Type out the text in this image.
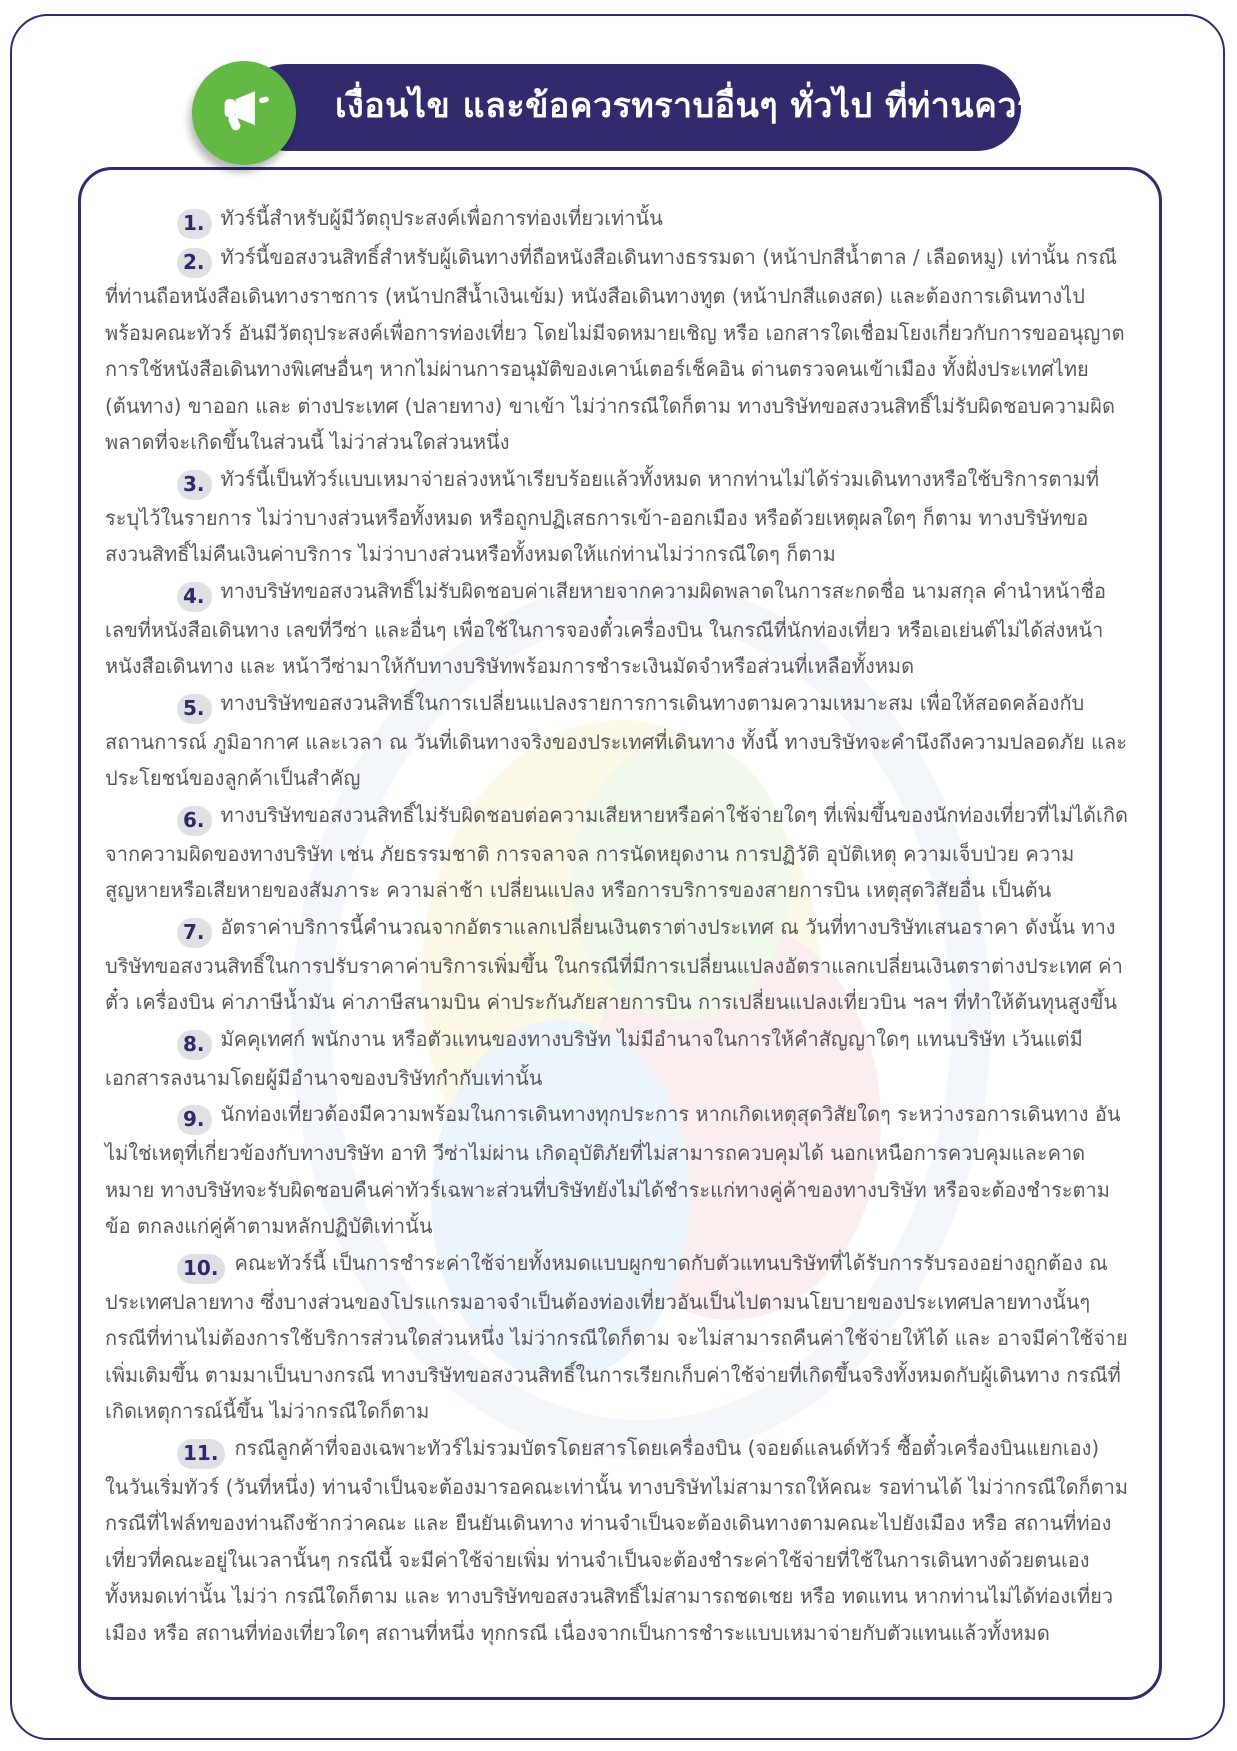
เงื่อนไข และข้อควรทราบอื่นๆ ทั่วไป ที่ท่านควรทราบ

1. ทัวร์นี้สำหรับผู้มีวัตถุประสงค์เพื่อการท่องเที่ยวเท่านั้น

2. ทัวร์นี้ขอสงวนสิทธิ์สำหรับผู้เดินทางที่ถือหนังสือเดินทางธรรมดา (หน้าปกสีน้ำตาล / เลือดหมู) เท่านั้น กรณีที่ท่านถือหนังสือเดินทางราชการ (หน้าปกสีน้ำเงินเข้ม) หนังสือเดินทางทูต (หน้าปกสีแดงสด) และต้องการเดินทางไปพร้อมคณะทัวร์ อันมีวัตถุประสงค์เพื่อการท่องเที่ยว โดยไม่มีจดหมายเชิญ หรือ เอกสารใดเชื่อมโยงเกี่ยวกับการขออนุญาตการใช้หนังสือเดินทางพิเศษอื่นๆ หากไม่ผ่านการอนุมัติของเคาน์เตอร์เช็คอิน ด่านตรวจคนเข้าเมือง ทั้งฝั่งประเทศไทย (ต้นทาง) ขาออก และ ต่างประเทศ (ปลายทาง) ขาเข้า ไม่ว่ากรณีใดก็ตาม ทางบริษัทขอสงวนสิทธิ์ไม่รับผิดชอบความผิดพลาดที่จะเกิดขึ้นในส่วนนี้ ไม่ว่าส่วนใดส่วนหนึ่ง

3. ทัวร์นี้เป็นทัวร์แบบเหมาจ่ายล่วงหน้าเรียบร้อยแล้วทั้งหมด หากท่านไม่ได้ร่วมเดินทางหรือใช้บริการตามที่ระบุไว้ในรายการ ไม่ว่าบางส่วนหรือทั้งหมด หรือถูกปฏิเสธการเข้า-ออกเมือง หรือด้วยเหตุผลใดๆ ก็ตาม ทางบริษัทขอสงวนสิทธิ์ไม่คืนเงินค่าบริการ ไม่ว่าบางส่วนหรือทั้งหมดให้แก่ท่านไม่ว่ากรณีใดๆ ก็ตาม

4. ทางบริษัทขอสงวนสิทธิ์ไม่รับผิดชอบค่าเสียหายจากความผิดพลาดในการสะกดชื่อ นามสกุล คำนำหน้าชื่อ เลขที่หนังสือเดินทาง เลขที่วีซ่า และอื่นๆ เพื่อใช้ในการจองตั๋วเครื่องบิน ในกรณีที่นักท่องเที่ยว หรือเอเย่นต์ไม่ได้ส่งหน้าหนังสือเดินทาง และ หน้าวีซ่ามาให้กับทางบริษัทพร้อมการชำระเงินมัดจำหรือส่วนที่เหลือทั้งหมด

5. ทางบริษัทขอสงวนสิทธิ์ในการเปลี่ยนแปลงรายการการเดินทางตามความเหมาะสม เพื่อให้สอดคล้องกับ สถานการณ์ ภูมิอากาศ และเวลา ณ วันที่เดินทางจริงของประเทศที่เดินทาง ทั้งนี้ ทางบริษัทจะคำนึงถึงความปลอดภัย และ ประโยชน์ของลูกค้าเป็นสำคัญ

6. ทางบริษัทขอสงวนสิทธิ์ไม่รับผิดชอบต่อความเสียหายหรือค่าใช้จ่ายใดๆ ที่เพิ่มขึ้นของนักท่องเที่ยวที่ไม่ได้เกิดจากความผิดของทางบริษัท เช่น ภัยธรรมชาติ การจลาจล การนัดหยุดงาน การปฏิวัติ อุบัติเหตุ ความเจ็บป่วย ความสูญหายหรือเสียหายของสัมภาระ ความล่าช้า เปลี่ยนแปลง หรือการบริการของสายการบิน เหตุสุดวิสัยอื่น เป็นต้น

7. อัตราค่าบริการนี้คำนวณจากอัตราแลกเปลี่ยนเงินตราต่างประเทศ ณ วันที่ทางบริษัทเสนอราคา ดังนั้น ทางบริษัทขอสงวนสิทธิ์ในการปรับราคาค่าบริการเพิ่มขึ้น ในกรณีที่มีการเปลี่ยนแปลงอัตราแลกเปลี่ยนเงินตราต่างประเทศ ค่าตั๋ว เครื่องบิน ค่าภาษีน้ำมัน ค่าภาษีสนามบิน ค่าประกันภัยสายการบิน การเปลี่ยนแปลงเที่ยวบิน ฯลฯ ที่ทำให้ต้นทุนสูงขึ้น

8. มัคคุเทศก์ พนักงาน หรือตัวแทนของทางบริษัท ไม่มีอำนาจในการให้คำสัญญาใดๆ แทนบริษัท เว้นแต่มีเอกสารลงนามโดยผู้มีอำนาจของบริษัทกำกับเท่านั้น

9. นักท่องเที่ยวต้องมีความพร้อมในการเดินทางทุกประการ หากเกิดเหตุสุดวิสัยใดๆ ระหว่างรอการเดินทาง อันไม่ใช่เหตุที่เกี่ยวข้องกับทางบริษัท อาทิ วีซ่าไม่ผ่าน เกิดอุบัติภัยที่ไม่สามารถควบคุมได้ นอกเหนือการควบคุมและคาดหมาย ทางบริษัทจะรับผิดชอบคืนค่าทัวร์เฉพาะส่วนที่บริษัทยังไม่ได้ชำระแก่ทางคู่ค้าของทางบริษัท หรือจะต้องชำระตามข้อ ตกลงแก่คู่ค้าตามหลักปฏิบัติเท่านั้น

10. คณะทัวร์นี้ เป็นการชำระค่าใช้จ่ายทั้งหมดแบบผูกขาดกับตัวแทนบริษัทที่ได้รับการรับรองอย่างถูกต้อง ณ ประเทศปลายทาง ซึ่งบางส่วนของโปรแกรมอาจจำเป็นต้องท่องเที่ยวอันเป็นไปตามนโยบายของประเทศปลายทางนั้นๆ กรณีที่ท่านไม่ต้องการใช้บริการส่วนใดส่วนหนึ่ง ไม่ว่ากรณีใดก็ตาม จะไม่สามารถคืนค่าใช้จ่ายให้ได้ และ อาจมีค่าใช้จ่ายเพิ่มเติมขึ้น ตามมาเป็นบางกรณี ทางบริษัทขอสงวนสิทธิ์ในการเรียกเก็บค่าใช้จ่ายที่เกิดขึ้นจริงทั้งหมดกับผู้เดินทาง กรณีที่เกิดเหตุการณ์นี้ขึ้น ไม่ว่ากรณีใดก็ตาม

11. กรณีลูกค้าที่จองเฉพาะทัวร์ไม่รวมบัตรโดยสารโดยเครื่องบิน (จอยด์แลนด์ทัวร์ ซื้อตั๋วเครื่องบินแยกเอง) ในวันเริ่มทัวร์ (วันที่หนึ่ง) ท่านจำเป็นจะต้องมารอคณะเท่านั้น ทางบริษัทไม่สามารถให้คณะ รอท่านได้ ไม่ว่ากรณีใดก็ตาม กรณีที่ไฟล์ทของท่านถึงช้ากว่าคณะ และ ยืนยันเดินทาง ท่านจำเป็นจะต้องเดินทางตามคณะไปยังเมือง หรือ สถานที่ท่องเที่ยวที่คณะอยู่ในเวลานั้นๆ กรณีนี้ จะมีค่าใช้จ่ายเพิ่ม ท่านจำเป็นจะต้องชำระค่าใช้จ่ายที่ใช้ในการเดินทางด้วยตนเองทั้งหมดเท่านั้น ไม่ว่า กรณีใดก็ตาม และ ทางบริษัทขอสงวนสิทธิ์ไม่สามารถชดเชย หรือ ทดแทน หากท่านไม่ได้ท่องเที่ยวเมือง หรือ สถานที่ท่องเที่ยวใดๆ สถานที่หนึ่ง ทุกกรณี เนื่องจากเป็นการชำระแบบเหมาจ่ายกับตัวแทนแล้วทั้งหมด
